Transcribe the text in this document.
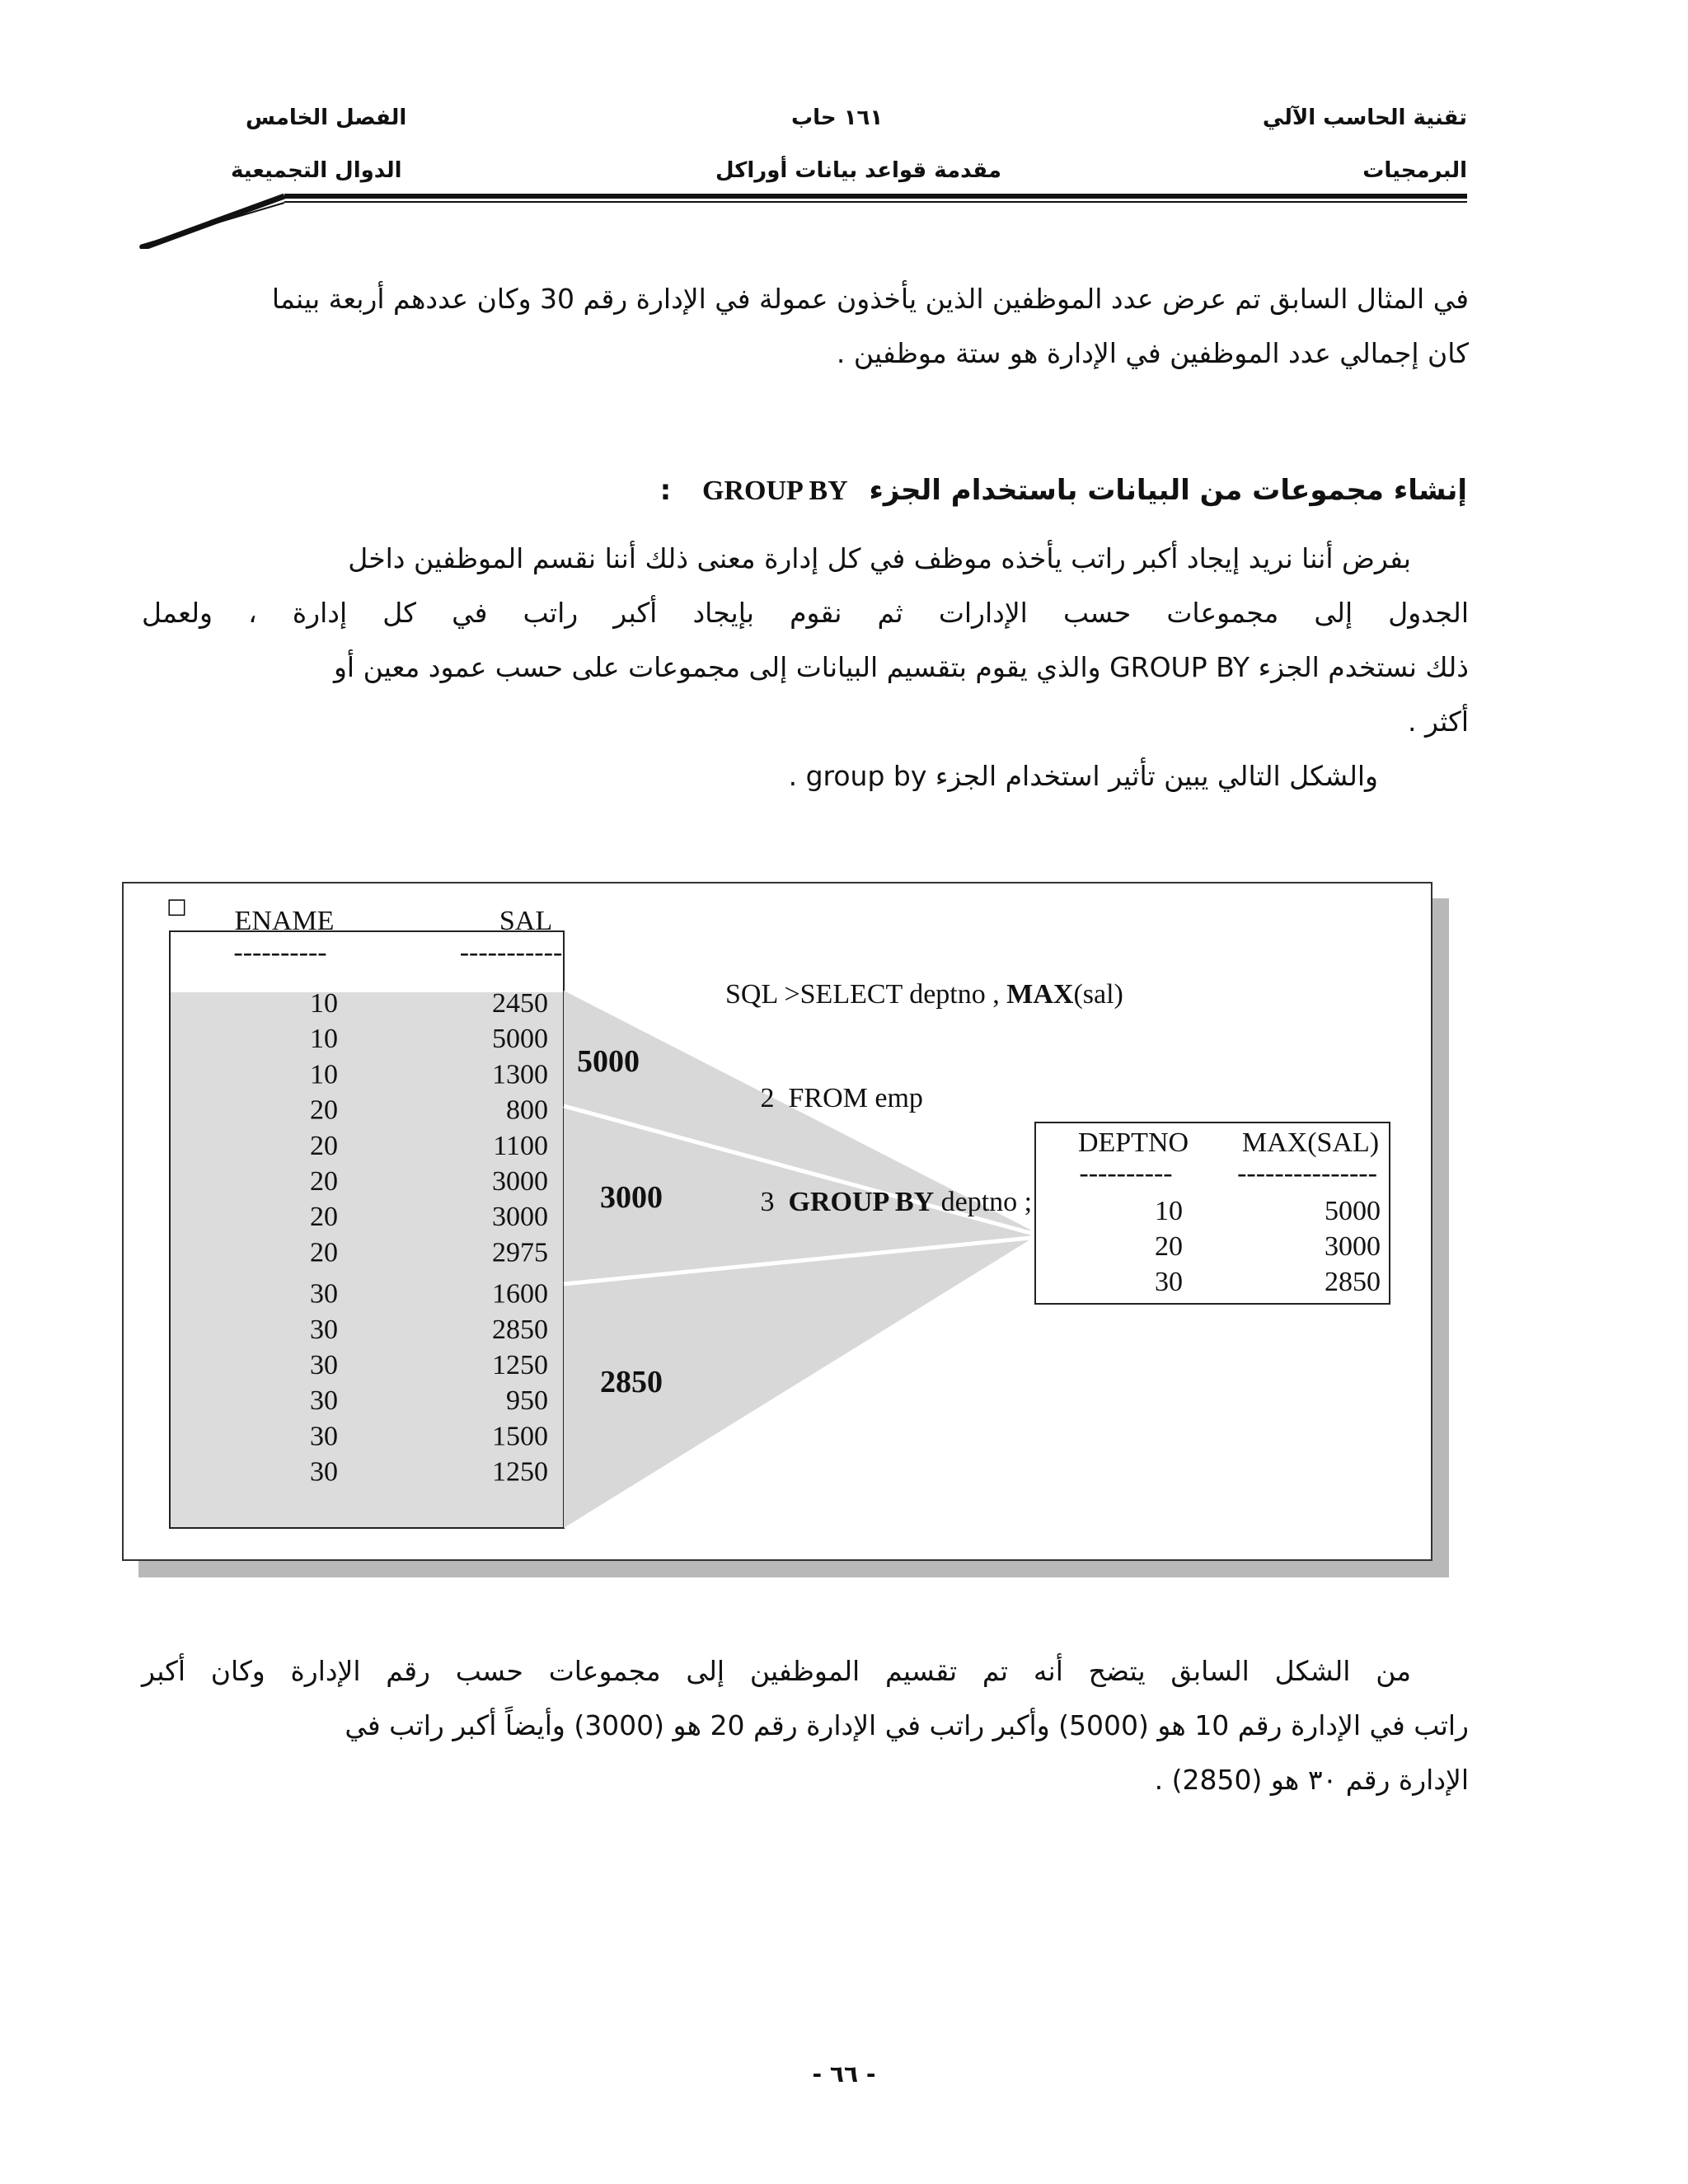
تقنية الحاسب الآلي
البرمجيات
١٦١ حاب
مقدمة قواعد بيانات أوراكل
الفصل الخامس
الدوال التجميعية

في المثال السابق تم عرض عدد الموظفين الذين يأخذون عمولة في الإدارة رقم 30 وكان عددهم أربعة بينما

كان إجمالي عدد الموظفين في الإدارة هو ستة موظفين .

إنشاء مجموعات من البيانات باستخدام الجزء GROUP BY :

بفرض أننا نريد إيجاد أكبر راتب يأخذه موظف في كل إدارة معنى ذلك أننا نقسم الموظفين داخل

الجدول إلى مجموعات حسب الإدارات ثم نقوم بإيجاد أكبر راتب في كل إدارة ، ولعمل

ذلك نستخدم الجزء GROUP BY والذي يقوم بتقسيم البيانات إلى مجموعات على حسب عمود معين أو

أكثر .

والشكل التالي يبين تأثير استخدام الجزء group by .

□ ENAME	SAL
----------	-----------
10	2450
10	5000
10	1300
20	800
20	1100
20	3000
20	3000
20	2975
30	1600
30	2850
30	1250
30	950
30	1500
30	1250
5000
3000
2850
DEPTNO MAX(SAL)
---------- ---------------
10	5000
20	3000
30	2850

SQL >SELECT deptno , MAX(sal)

2  FROM emp

3  GROUP BY deptno ;

من الشكل السابق يتضح أنه تم تقسيم الموظفين إلى مجموعات حسب رقم الإدارة وكان أكبر

راتب في الإدارة رقم 10 هو (5000) وأكبر راتب في الإدارة رقم 20 هو (3000) وأيضاً أكبر راتب في

الإدارة رقم ٣٠ هو (2850) .

- ٦٦ -
